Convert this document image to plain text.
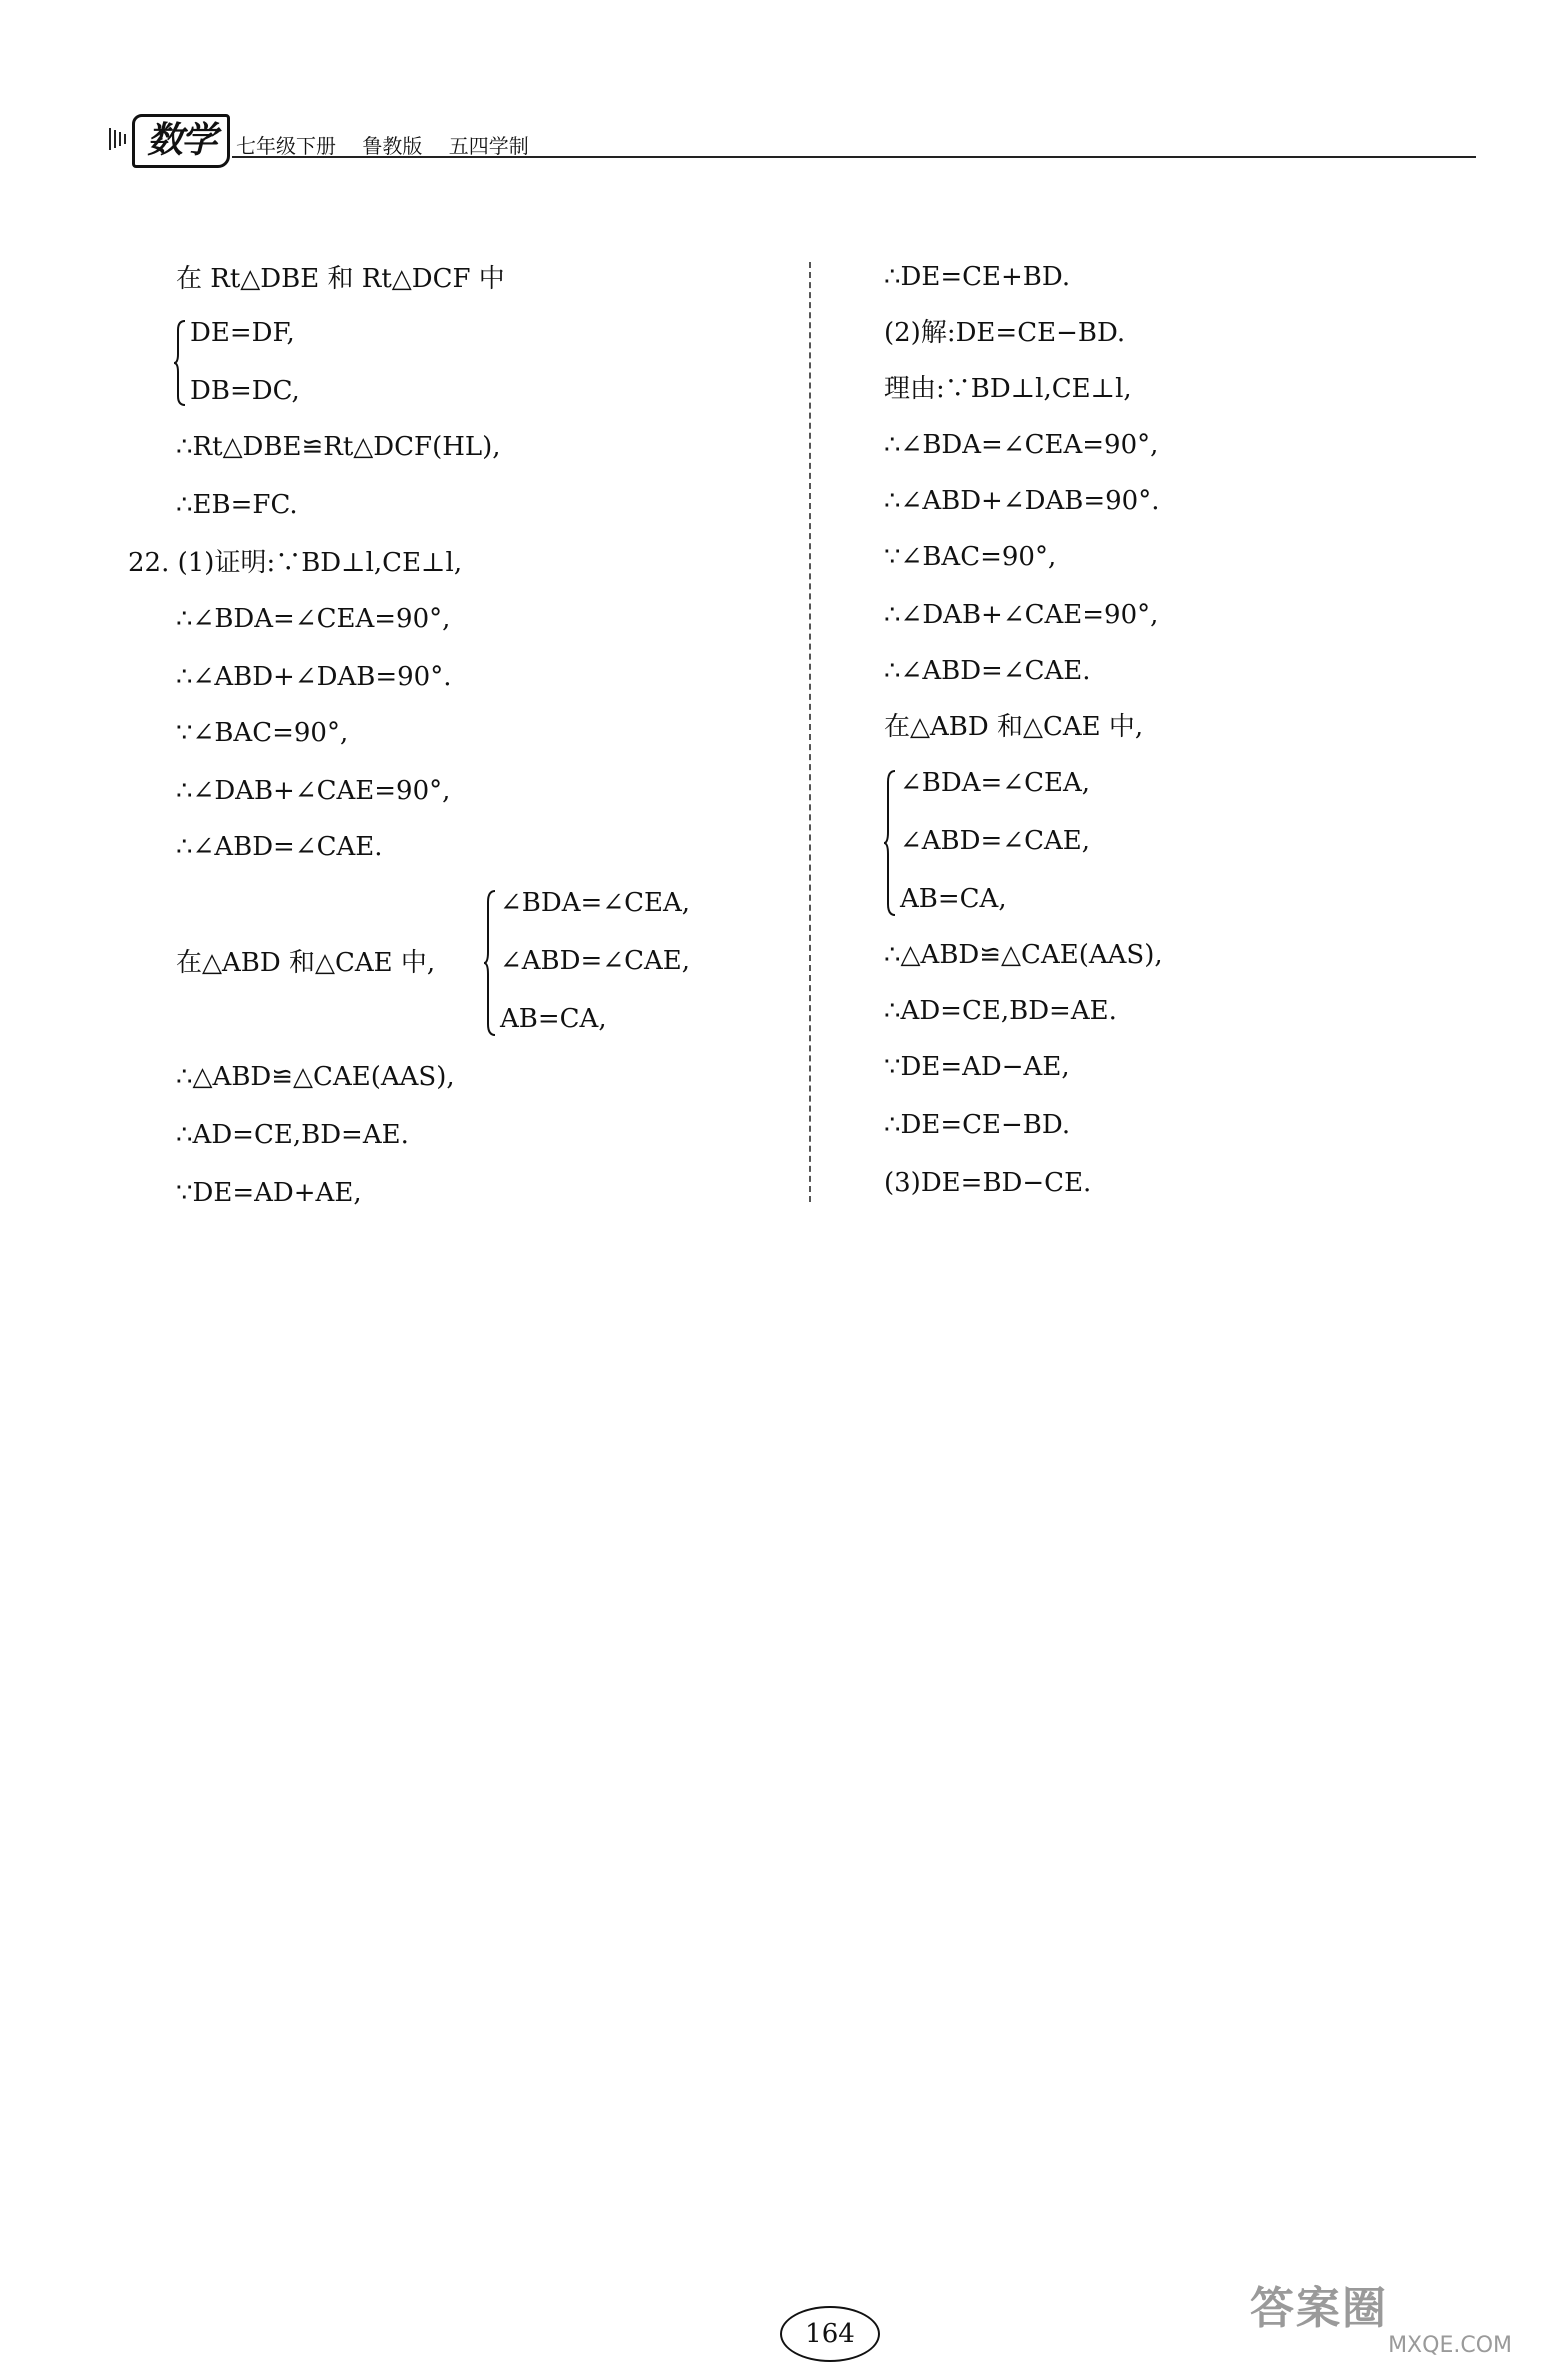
数学	七年级下册 鲁教版 五四学制
在 Rt△DBE 和 Rt△DCF 中
DE=DF,
DB=DC,
∴Rt△DBE≌Rt△DCF(HL),
∴EB=FC.
22. (1)证明:∵BD⊥l,CE⊥l,
∴∠BDA=∠CEA=90°,
∴∠ABD+∠DAB=90°.
∵∠BAC=90°,
∴∠DAB+∠CAE=90°,
∴∠ABD=∠CAE.
在△ABD 和△CAE 中,
∠BDA=∠CEA,
∠ABD=∠CAE,
AB=CA,
∴△ABD≌△CAE(AAS),
∴AD=CE,BD=AE.
∵DE=AD+AE,
∴DE=CE+BD.
(2)解:DE=CE−BD.
理由:∵BD⊥l,CE⊥l,
∴∠BDA=∠CEA=90°,
∴∠ABD+∠DAB=90°.
∵∠BAC=90°,
∴∠DAB+∠CAE=90°,
∴∠ABD=∠CAE.
在△ABD 和△CAE 中,
∠BDA=∠CEA,
∠ABD=∠CAE,
AB=CA,
∴△ABD≌△CAE(AAS),
∴AD=CE,BD=AE.
∵DE=AD−AE,
∴DE=CE−BD.
(3)DE=BD−CE.
164	答案圈
MXQE.COM
